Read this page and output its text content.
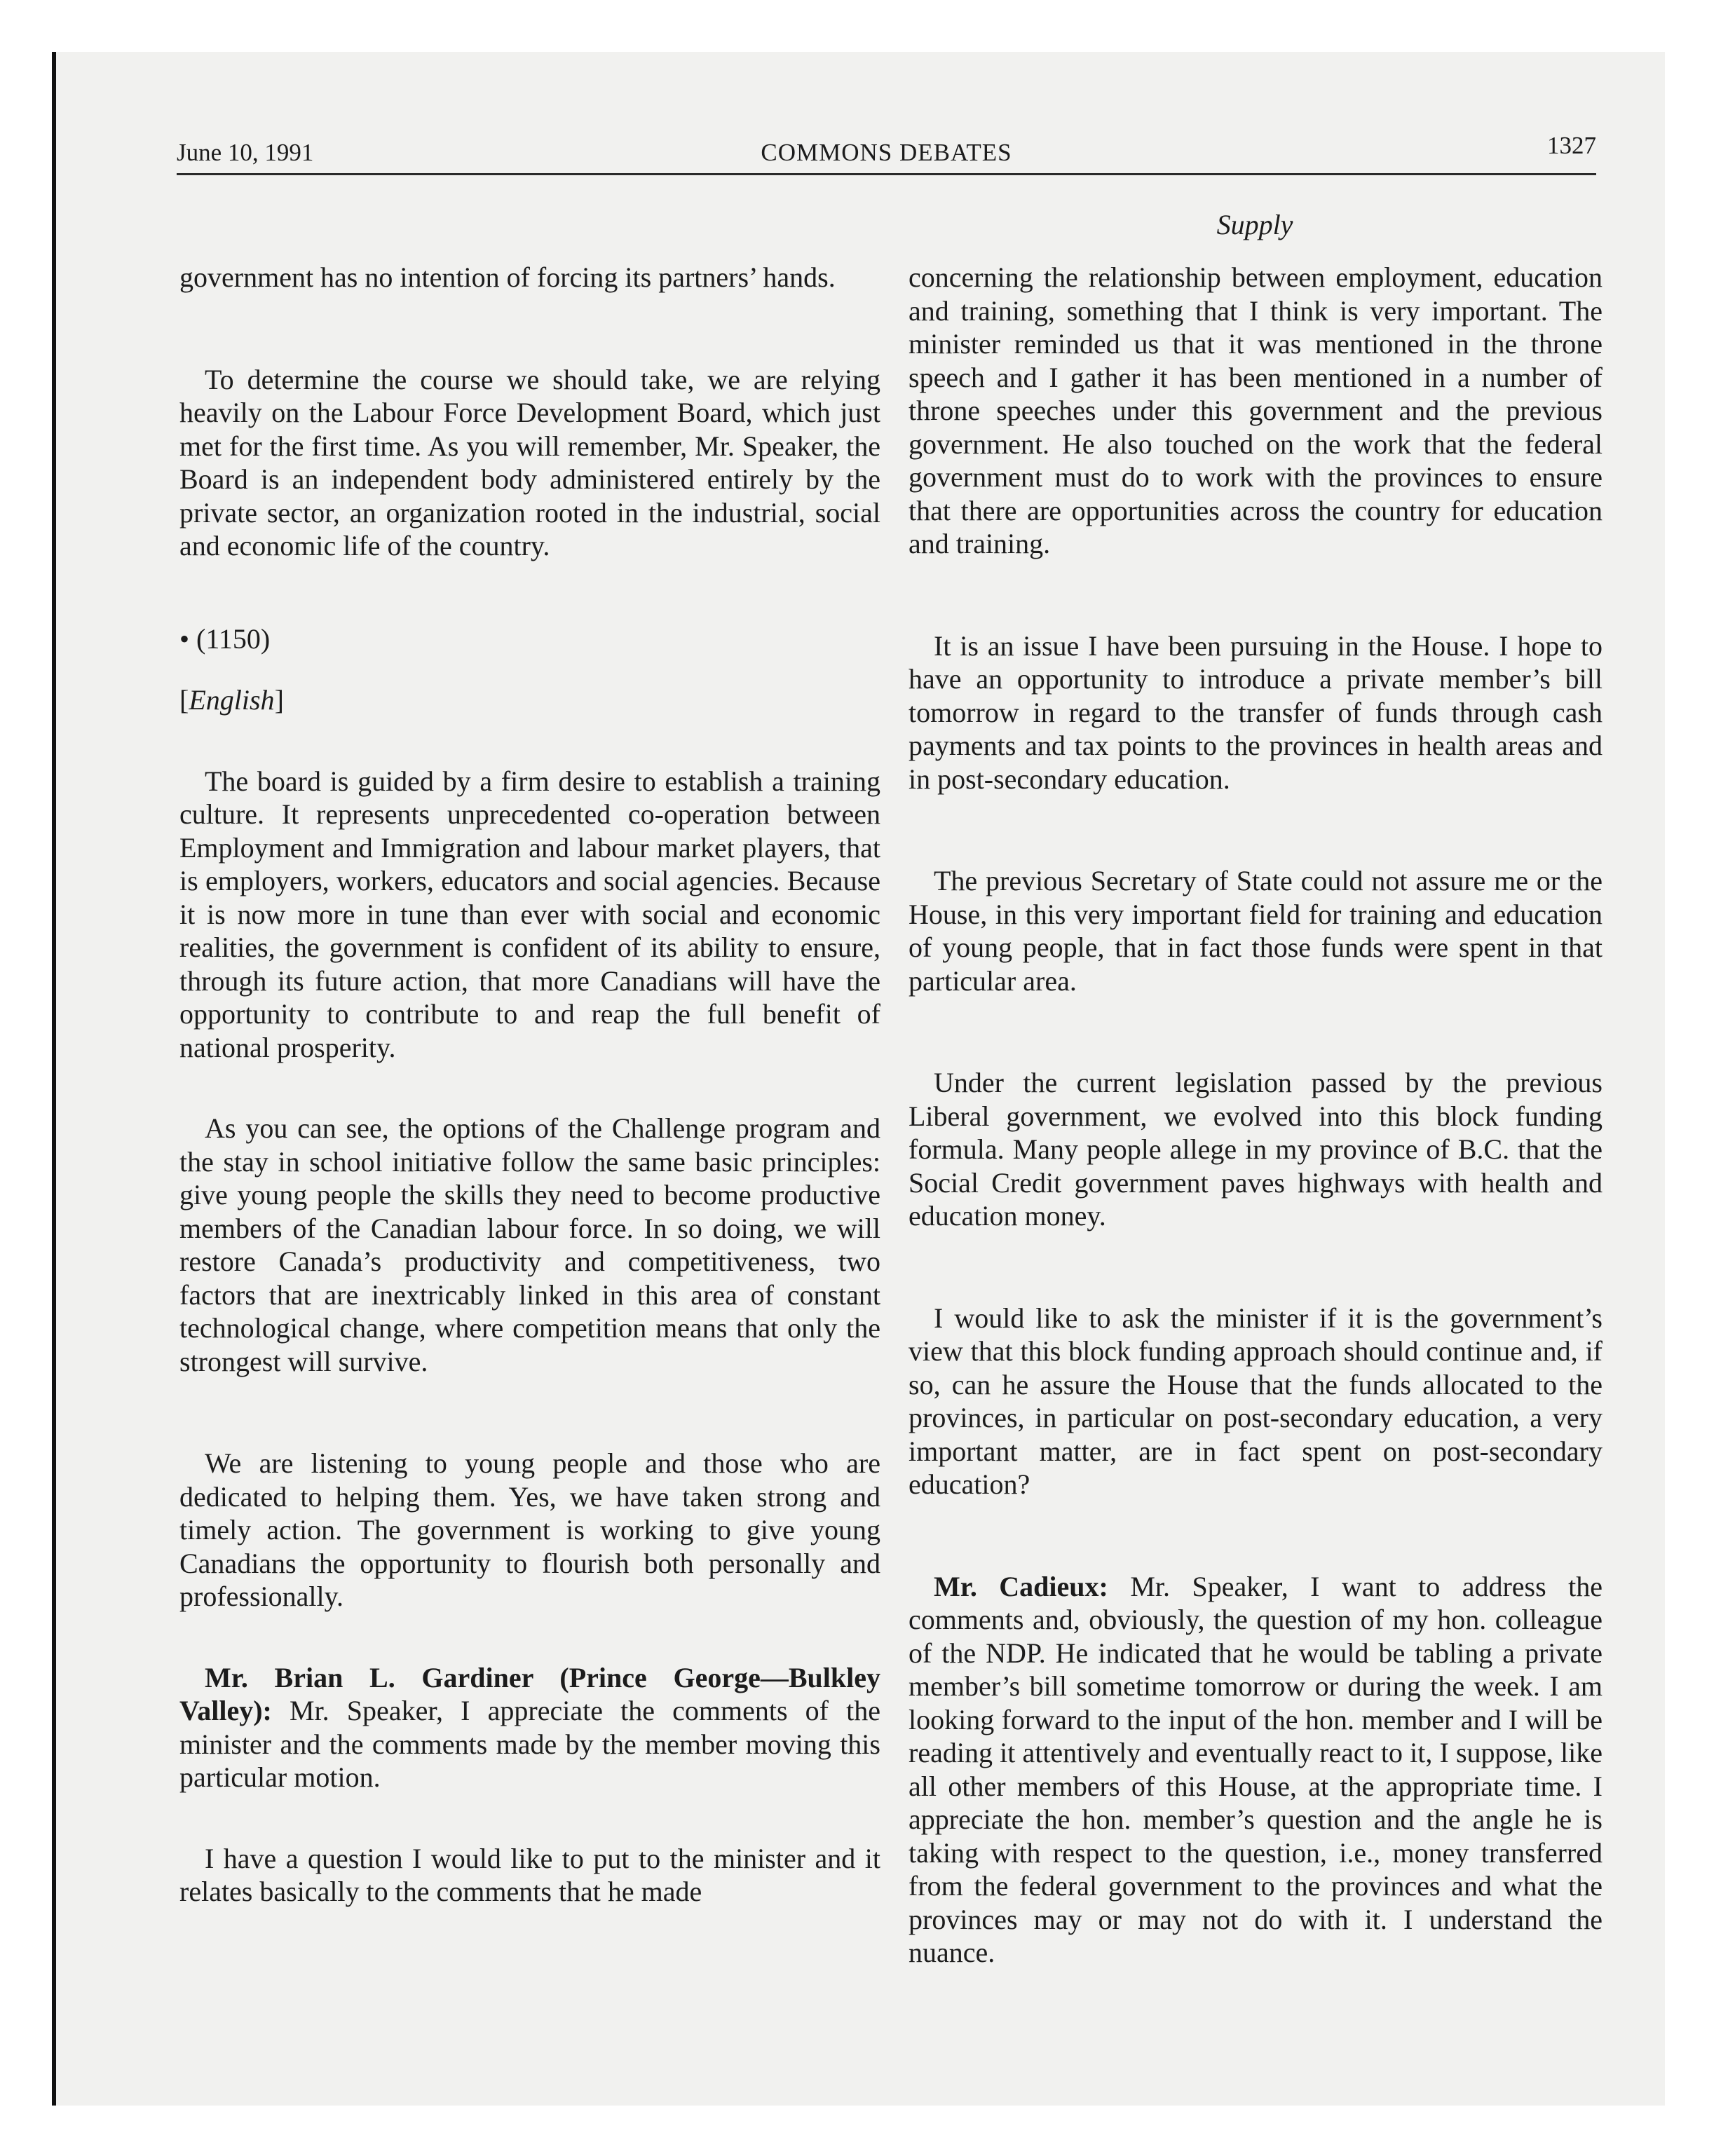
June 10, 1991	COMMONS DEBATES	1327
Supply

government has no intention of forcing its partners’ hands.

To determine the course we should take, we are relying heavily on the Labour Force Development Board, which just met for the first time. As you will remember, Mr. Speaker, the Board is an independent body administered entirely by the private sector, an organization rooted in the industrial, social and economic life of the country.

• (1150)

[English]

The board is guided by a firm desire to establish a training culture. It represents unprecedented co-operation between Employment and Immigration and labour market players, that is employers, workers, educators and social agencies. Because it is now more in tune than ever with social and economic realities, the government is confident of its ability to ensure, through its future action, that more Canadians will have the opportunity to contribute to and reap the full benefit of national prosperity.

As you can see, the options of the Challenge program and the stay in school initiative follow the same basic principles: give young people the skills they need to become productive members of the Canadian labour force. In so doing, we will restore Canada’s productivity and competitiveness, two factors that are inextricably linked in this area of constant technological change, where competition means that only the strongest will survive.

We are listening to young people and those who are dedicated to helping them. Yes, we have taken strong and timely action. The government is working to give young Canadians the opportunity to flourish both personally and professionally.

Mr. Brian L. Gardiner (Prince George—Bulkley Valley): Mr. Speaker, I appreciate the comments of the minister and the comments made by the member moving this particular motion.

I have a question I would like to put to the minister and it relates basically to the comments that he made

concerning the relationship between employment, education and training, something that I think is very important. The minister reminded us that it was mentioned in the throne speech and I gather it has been mentioned in a number of throne speeches under this government and the previous government. He also touched on the work that the federal government must do to work with the provinces to ensure that there are opportunities across the country for education and training.

It is an issue I have been pursuing in the House. I hope to have an opportunity to introduce a private member’s bill tomorrow in regard to the transfer of funds through cash payments and tax points to the provinces in health areas and in post-secondary education.

The previous Secretary of State could not assure me or the House, in this very important field for training and education of young people, that in fact those funds were spent in that particular area.

Under the current legislation passed by the previous Liberal government, we evolved into this block funding formula. Many people allege in my province of B.C. that the Social Credit government paves highways with health and education money.

I would like to ask the minister if it is the government’s view that this block funding approach should continue and, if so, can he assure the House that the funds allocated to the provinces, in particular on post-secondary education, a very important matter, are in fact spent on post-secondary education?

Mr. Cadieux: Mr. Speaker, I want to address the comments and, obviously, the question of my hon. colleague of the NDP. He indicated that he would be tabling a private member’s bill sometime tomorrow or during the week. I am looking forward to the input of the hon. member and I will be reading it attentively and eventually react to it, I suppose, like all other members of this House, at the appropriate time. I appreciate the hon. member’s question and the angle he is taking with respect to the question, i.e., money transferred from the federal government to the provinces and what the provinces may or may not do with it. I understand the nuance.
